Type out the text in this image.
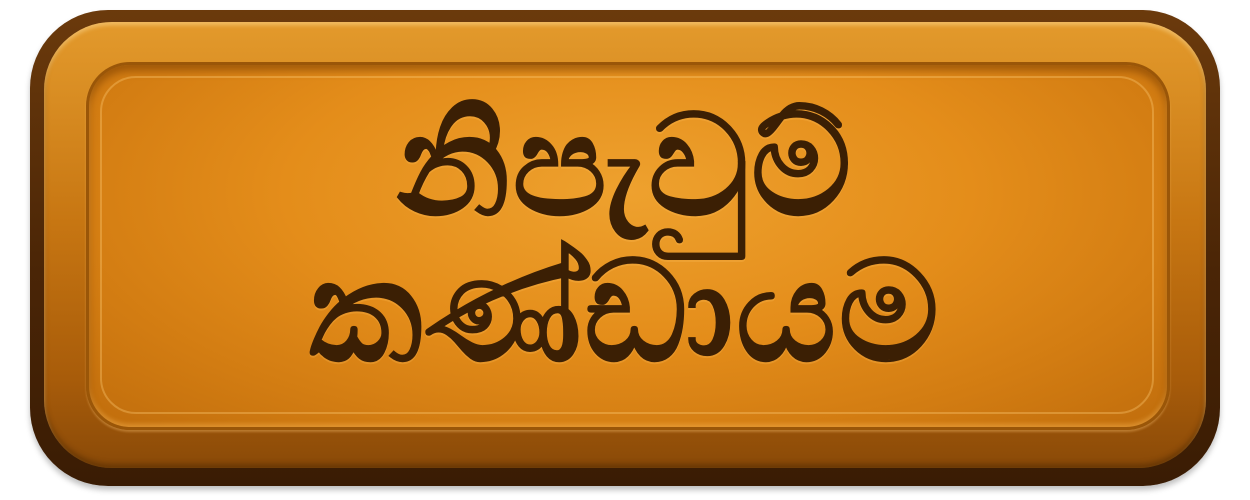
නිපැවුම්
කණ්ඩායම
